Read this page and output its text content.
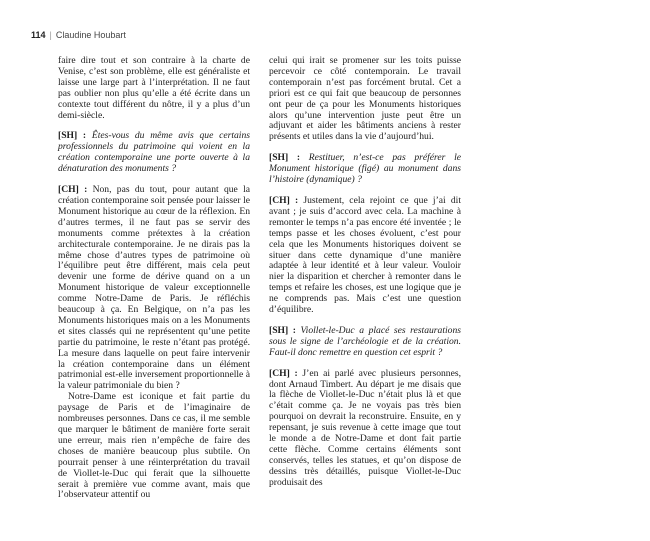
114 | Claudine Houbart

faire dire tout et son contraire à la charte de Venise, c’est son problème, elle est généraliste et laisse une large part à l’interprétation. Il ne faut pas oublier non plus qu’elle a été écrite dans un contexte tout différent du nôtre, il y a plus d’un demi-siècle.

[SH] : Êtes-vous du même avis que certains professionnels du patrimoine qui voient en la création contemporaine une porte ouverte à la dénaturation des monuments ?

[CH] : Non, pas du tout, pour autant que la création contemporaine soit pensée pour laisser le Monument historique au cœur de la réflexion. En d’autres termes, il ne faut pas se servir des monuments comme prétextes à la création architecturale contemporaine. Je ne dirais pas la même chose d’autres types de patrimoine où l’équilibre peut être différent, mais cela peut devenir une forme de dérive quand on a un Monument historique de valeur exceptionnelle comme Notre-Dame de Paris. Je réfléchis beaucoup à ça. En Belgique, on n’a pas les Monuments historiques mais on a les Monuments et sites classés qui ne représentent qu’une petite partie du patrimoine, le reste n’étant pas protégé. La mesure dans laquelle on peut faire intervenir la création contemporaine dans un élément patrimonial est-elle inversement proportionnelle à la valeur patrimoniale du bien ?

Notre-Dame est iconique et fait partie du paysage de Paris et de l’imaginaire de nombreuses personnes. Dans ce cas, il me semble que marquer le bâtiment de manière forte serait une erreur, mais rien n’empêche de faire des choses de manière beaucoup plus subtile. On pourrait penser à une réinterprétation du travail de Viollet-le-Duc qui ferait que la silhouette serait à première vue comme avant, mais que l’observateur attentif ou

celui qui irait se promener sur les toits puisse percevoir ce côté contemporain. Le travail contemporain n’est pas forcément brutal. Cet a priori est ce qui fait que beaucoup de personnes ont peur de ça pour les Monuments historiques alors qu’une intervention juste peut être un adjuvant et aider les bâtiments anciens à rester présents et utiles dans la vie d’aujourd’hui.

[SH] : Restituer, n’est-ce pas préférer le Monument historique (figé) au monument dans l’histoire (dynamique) ?

[CH] : Justement, cela rejoint ce que j’ai dit avant ; je suis d’accord avec cela. La machine à remonter le temps n’a pas encore été inventée ; le temps passe et les choses évoluent, c’est pour cela que les Monuments historiques doivent se situer dans cette dynamique d’une manière adaptée à leur identité et à leur valeur. Vouloir nier la disparition et chercher à remonter dans le temps et refaire les choses, est une logique que je ne comprends pas. Mais c’est une question d’équilibre.

[SH] : Viollet-le-Duc a placé ses restaurations sous le signe de l’archéologie et de la création. Faut-il donc remettre en question cet esprit ?

[CH] : J’en ai parlé avec plusieurs personnes, dont Arnaud Timbert. Au départ je me disais que la flèche de Viollet-le-Duc n’était plus là et que c’était comme ça. Je ne voyais pas très bien pourquoi on devrait la reconstruire. Ensuite, en y repensant, je suis revenue à cette image que tout le monde a de Notre-Dame et dont fait partie cette flèche. Comme certains éléments sont conservés, telles les statues, et qu’on dispose de dessins très détaillés, puisque Viollet-le-Duc produisait des
